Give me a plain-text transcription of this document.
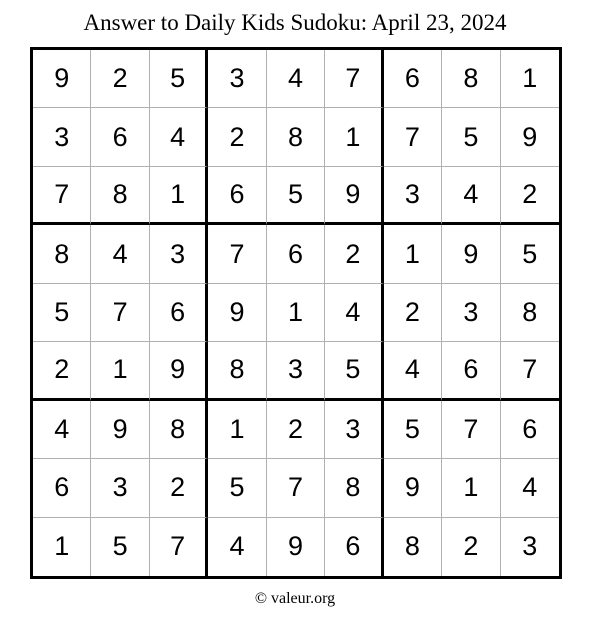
Answer to Daily Kids Sudoku: April 23, 2024
9	2	5	3	4	7	6	8	1
3	6	4	2	8	1	7	5	9
7	8	1	6	5	9	3	4	2
8	4	3	7	6	2	1	9	5
5	7	6	9	1	4	2	3	8
2	1	9	8	3	5	4	6	7
4	9	8	1	2	3	5	7	6
6	3	2	5	7	8	9	1	4
1	5	7	4	9	6	8	2	3
© valeur.org
